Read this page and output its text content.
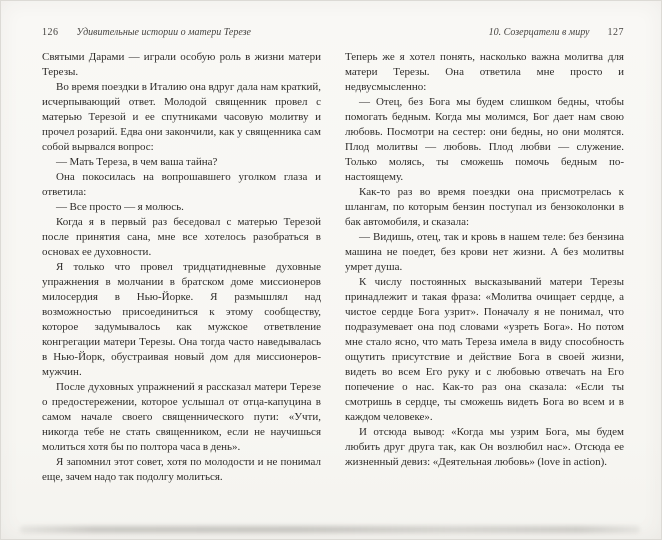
126 Удивительные истории о матери Терезе

Святыми Дарами — играли особую роль в жизни матери Терезы.

Во время поездки в Италию она вдруг дала нам краткий, исчерпывающий ответ. Молодой священник провел с матерью Терезой и ее спутниками часовую молитву и прочел розарий. Едва они закончили, как у священника сам собой вырвался вопрос:

— Мать Тереза, в чем ваша тайна?

Она покосилась на вопрошавшего уголком глаза и ответила:

— Все просто — я молюсь.

Когда я в первый раз беседовал с матерью Терезой после принятия сана, мне все хотелось разобраться в основах ее духовности.

Я только что провел тридцатидневные духовные упражнения в молчании в братском доме миссионеров милосердия в Нью-Йорке. Я размышлял над возможностью присоединиться к этому сообществу, которое задумывалось как мужское ответвление конгрегации матери Терезы. Она тогда часто наведывалась в Нью-Йорк, обустраивая новый дом для миссионеров-мужчин.

После духовных упражнений я рассказал матери Терезе о предостережении, которое услышал от отца-капуцина в самом начале своего священнического пути: «Учти, никогда тебе не стать священником, если не научишься молиться хотя бы по полтора часа в день».

Я запомнил этот совет, хотя по молодости и не понимал еще, зачем надо так подолгу молиться.

10. Созерцатели в миру 127

Теперь же я хотел понять, насколько важна молитва для матери Терезы. Она ответила мне просто и недвусмысленно:

— Отец, без Бога мы будем слишком бедны, чтобы помогать бедным. Когда мы молимся, Бог дает нам свою любовь. Посмотри на сестер: они бедны, но они молятся. Плод молитвы — любовь. Плод любви — служение. Только молясь, ты сможешь помочь бедным по-настоящему.

Как-то раз во время поездки она присмотрелась к шлангам, по которым бензин поступал из бензоколонки в бак автомобиля, и сказала:

— Видишь, отец, так и кровь в нашем теле: без бензина машина не поедет, без крови нет жизни. А без молитвы умрет душа.

К числу постоянных высказываний матери Терезы принадлежит и такая фраза: «Молитва очищает сердце, а чистое сердце Бога узрит». Поначалу я не понимал, что подразумевает она под словами «узреть Бога». Но потом мне стало ясно, что мать Тереза имела в виду способность ощутить присутствие и действие Бога в своей жизни, видеть во всем Его руку и с любовью отвечать на Его попечение о нас. Как-то раз она сказала: «Если ты смотришь в сердце, ты сможешь видеть Бога во всем и в каждом человеке».

И отсюда вывод: «Когда мы узрим Бога, мы будем любить друг друга так, как Он возлюбил нас». Отсюда ее жизненный девиз: «Деятельная любовь» (love in action).
